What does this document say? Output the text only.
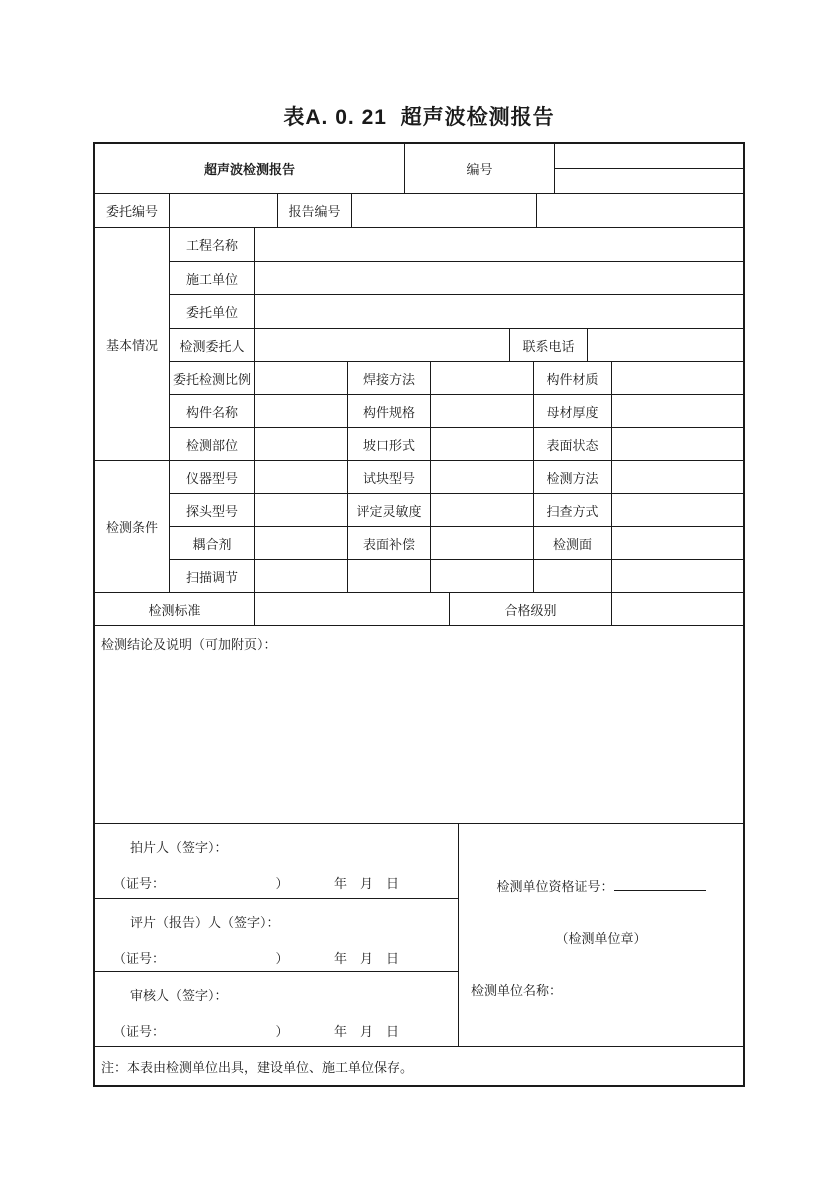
表A. 0. 21  超声波检测报告
超声波检测报告	编号
委托编号	报告编号
基本情况
工程名称
施工单位
委托单位
检测委托人	联系电话
委托检测比例	焊接方法	构件材质
构件名称	构件规格	母材厚度
检测部位	坡口形式	表面状态
检测条件
仪器型号	试块型号	检测方法
探头型号	评定灵敏度	扫查方式
耦合剂	表面补偿	检测面
扫描调节
检测标准	合格级别
检测结论及说明（可加附页）：
拍片人（签字）：
（证号：　　　　　　　　　）　　　　年　月　日
评片（报告）人（签字）：
（证号：　　　　　　　　　）　　　　年　月　日
审核人（签字）：
（证号：　　　　　　　　　）　　　　年　月　日
检测单位资格证号：
（检测单位章）
检测单位名称：
注：本表由检测单位出具，建设单位、施工单位保存。
